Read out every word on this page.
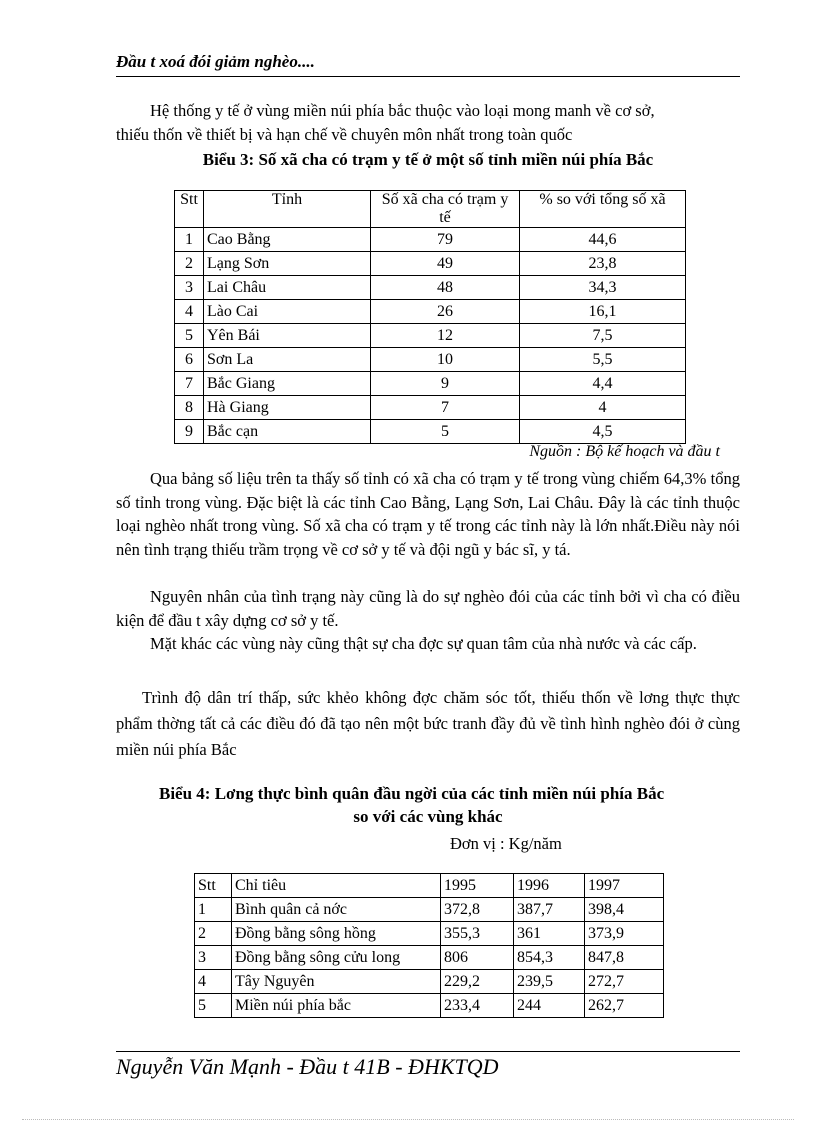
Đầu t xoá đói giảm nghèo....
Hệ thống y tế ở vùng miền núi phía bắc thuộc vào loại mong manh về cơ sở,
thiếu thốn về thiết bị và hạn chế về chuyên môn nhất trong toàn quốc
Biểu 3: Số xã cha có trạm y tế ở một số tỉnh miền núi phía Bắc
Stt	Tỉnh	Số xã cha có trạm y tế	% so với tổng số xã
1	Cao Bằng	79	44,6
2	Lạng Sơn	49	23,8
3	Lai Châu	48	34,3
4	Lào Cai	26	16,1
5	Yên Bái	12	7,5
6	Sơn La	10	5,5
7	Bắc Giang	9	4,4
8	Hà Giang	7	4
9	Bắc cạn	5	4,5
Nguồn : Bộ kế hoạch và đầu t
Qua bảng số liệu trên ta thấy số tỉnh có xã cha có trạm y tế trong vùng chiếm 64,3% tổng số tỉnh trong vùng. Đặc biệt là các tỉnh Cao Bằng, Lạng Sơn, Lai Châu. Đây là các tỉnh thuộc loại nghèo nhất trong vùng. Số xã cha có trạm y tế trong các tỉnh này là lớn nhất.Điều này nói nên tình trạng thiếu trầm trọng về cơ sở y tế và đội ngũ y bác sĩ, y tá.
Nguyên nhân của tình trạng này cũng là do sự nghèo đói của các tỉnh bởi vì cha có điều kiện để đầu t xây dựng cơ sở y tế.
Mặt khác các vùng này cũng thật sự cha đợc sự quan tâm của nhà nước và các cấp.
Trình độ dân trí thấp, sức khẻo không đợc chăm sóc tốt, thiếu thốn về lơng thực thực phẩm thờng tất cả các điều đó đã tạo nên một bức tranh đầy đủ về tình hình nghèo đói ở cùng miền núi phía Bắc
Biểu 4: Lơng thực bình quân đầu ngời của các tỉnh miền núi phía Bắc
so với các vùng khác
Đơn vị : Kg/năm
Stt	Chỉ tiêu	1995	1996	1997
1	Bình quân cả nớc	372,8	387,7	398,4
2	Đồng bằng sông hồng	355,3	361	373,9
3	Đồng bằng sông cửu long	806	854,3	847,8
4	Tây Nguyên	229,2	239,5	272,7
5	Miền núi phía bắc	233,4	244	262,7
Nguyễn Văn Mạnh - Đầu t 41B - ĐHKTQD
